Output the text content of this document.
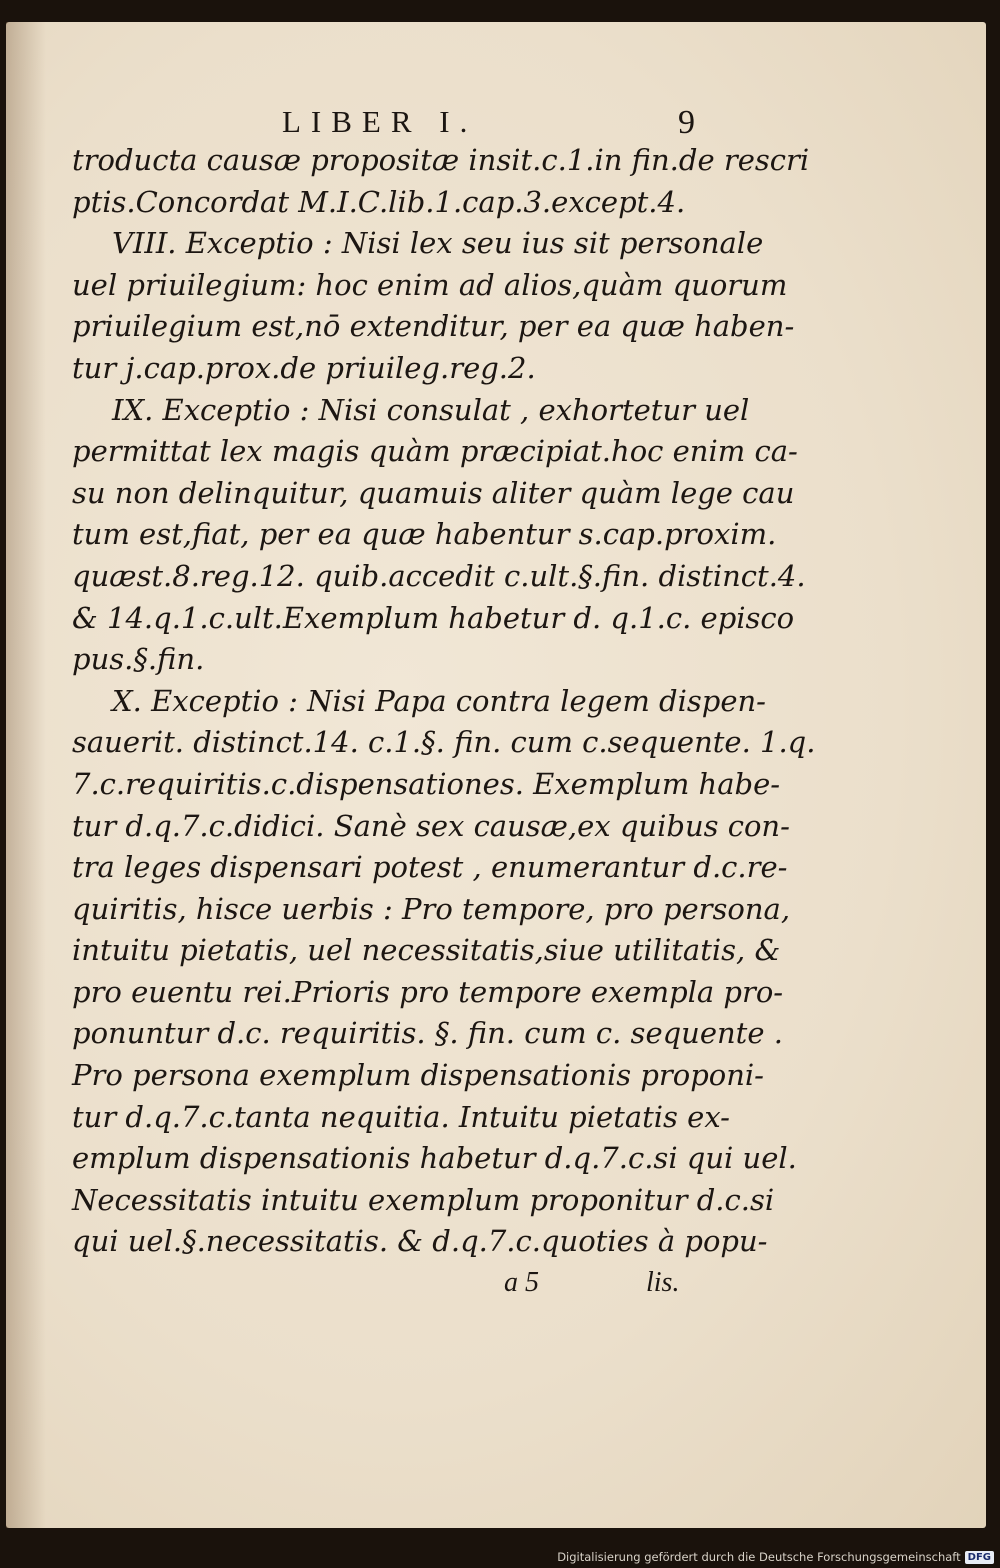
LIBER I.	9
troducta causæ propositæ insit.c.1.in fin.de rescri
ptis.Concordat M.I.C.lib.1.cap.3.except.4.
VIII. Exceptio : Nisi lex seu ius sit personale
uel priuilegium: hoc enim ad alios,quàm quorum
priuilegium est,nō extenditur, per ea quæ haben-
tur j.cap.prox.de priuileg.reg.2.
IX. Exceptio : Nisi consulat , exhortetur uel
permittat lex magis quàm præcipiat.hoc enim ca-
su non delinquitur, quamuis aliter quàm lege cau
tum est,fiat, per ea quæ habentur s.cap.proxim.
quæst.8.reg.12. quib.accedit c.ult.§.fin. distinct.4.
& 14.q.1.c.ult.Exemplum habetur d. q.1.c. episco
pus.§.fin.
X. Exceptio : Nisi Papa contra legem dispen-
sauerit. distinct.14. c.1.§. fin. cum c.sequente. 1.q.
7.c.requiritis.c.dispensationes. Exemplum habe-
tur d.q.7.c.didici. Sanè sex causæ,ex quibus con-
tra leges dispensari potest , enumerantur d.c.re-
quiritis, hisce uerbis : Pro tempore, pro persona,
intuitu pietatis, uel necessitatis,siue utilitatis, &
pro euentu rei.Prioris pro tempore exempla pro-
ponuntur d.c. requiritis. §. fin. cum c. sequente .
Pro persona exemplum dispensationis proponi-
tur d.q.7.c.tanta nequitia. Intuitu pietatis ex-
emplum dispensationis habetur d.q.7.c.si qui uel.
Necessitatis intuitu exemplum proponitur d.c.si
qui uel.§.necessitatis. & d.q.7.c.quoties à popu-
a 5	lis.
Digitalisierung gefördert durch die Deutsche Forschungsgemeinschaft DFG
